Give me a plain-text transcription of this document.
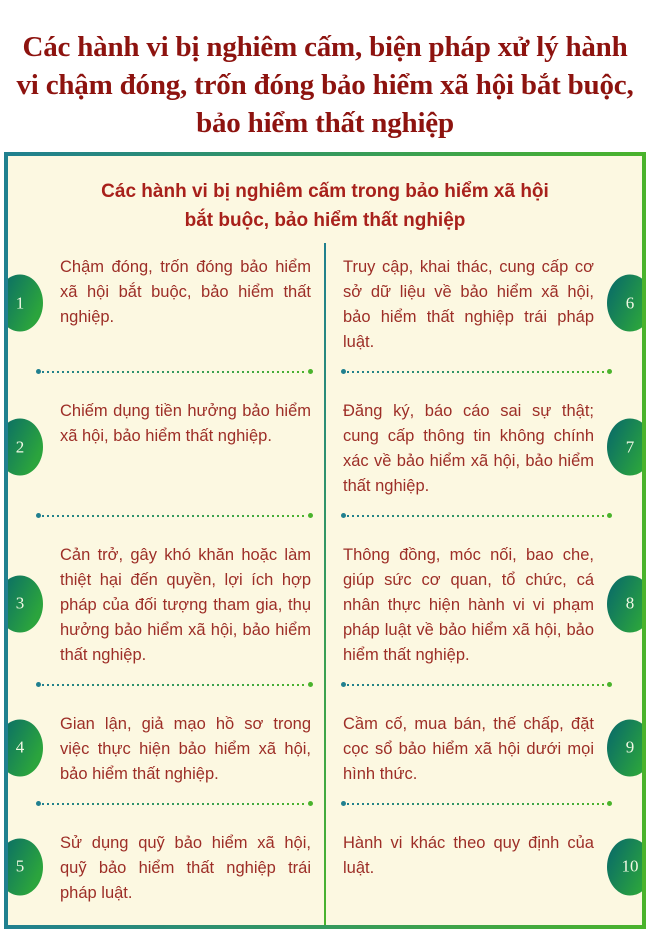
Các hành vi bị nghiêm cấm, biện pháp xử lý hành vi chậm đóng, trốn đóng bảo hiểm xã hội bắt buộc, bảo hiểm thất nghiệp
Các hành vi bị nghiêm cấm trong bảo hiểm xã hội bắt buộc, bảo hiểm thất nghiệp
1

Chậm đóng, trốn đóng bảo hiểm xã hội bắt buộc, bảo hiểm thất nghiệp.

6

Truy cập, khai thác, cung cấp cơ sở dữ liệu về bảo hiểm xã hội, bảo hiểm thất nghiệp trái pháp luật.

2

Chiếm dụng tiền hưởng bảo hiểm xã hội, bảo hiểm thất nghiệp.

7

Đăng ký, báo cáo sai sự thật; cung cấp thông tin không chính xác về bảo hiểm xã hội, bảo hiểm thất nghiệp.

3

Cản trở, gây khó khăn hoặc làm thiệt hại đến quyền, lợi ích hợp pháp của đối tượng tham gia, thụ hưởng bảo hiểm xã hội, bảo hiểm thất nghiệp.

8

Thông đồng, móc nối, bao che, giúp sức cơ quan, tổ chức, cá nhân thực hiện hành vi vi phạm pháp luật về bảo hiểm xã hội, bảo hiểm thất nghiệp.

4

Gian lận, giả mạo hồ sơ trong việc thực hiện bảo hiểm xã hội, bảo hiểm thất nghiệp.

9

Cầm cố, mua bán, thế chấp, đặt cọc sổ bảo hiểm xã hội dưới mọi hình thức.

5

Sử dụng quỹ bảo hiểm xã hội, quỹ bảo hiểm thất nghiệp trái pháp luật.

10

Hành vi khác theo quy định của luật.
